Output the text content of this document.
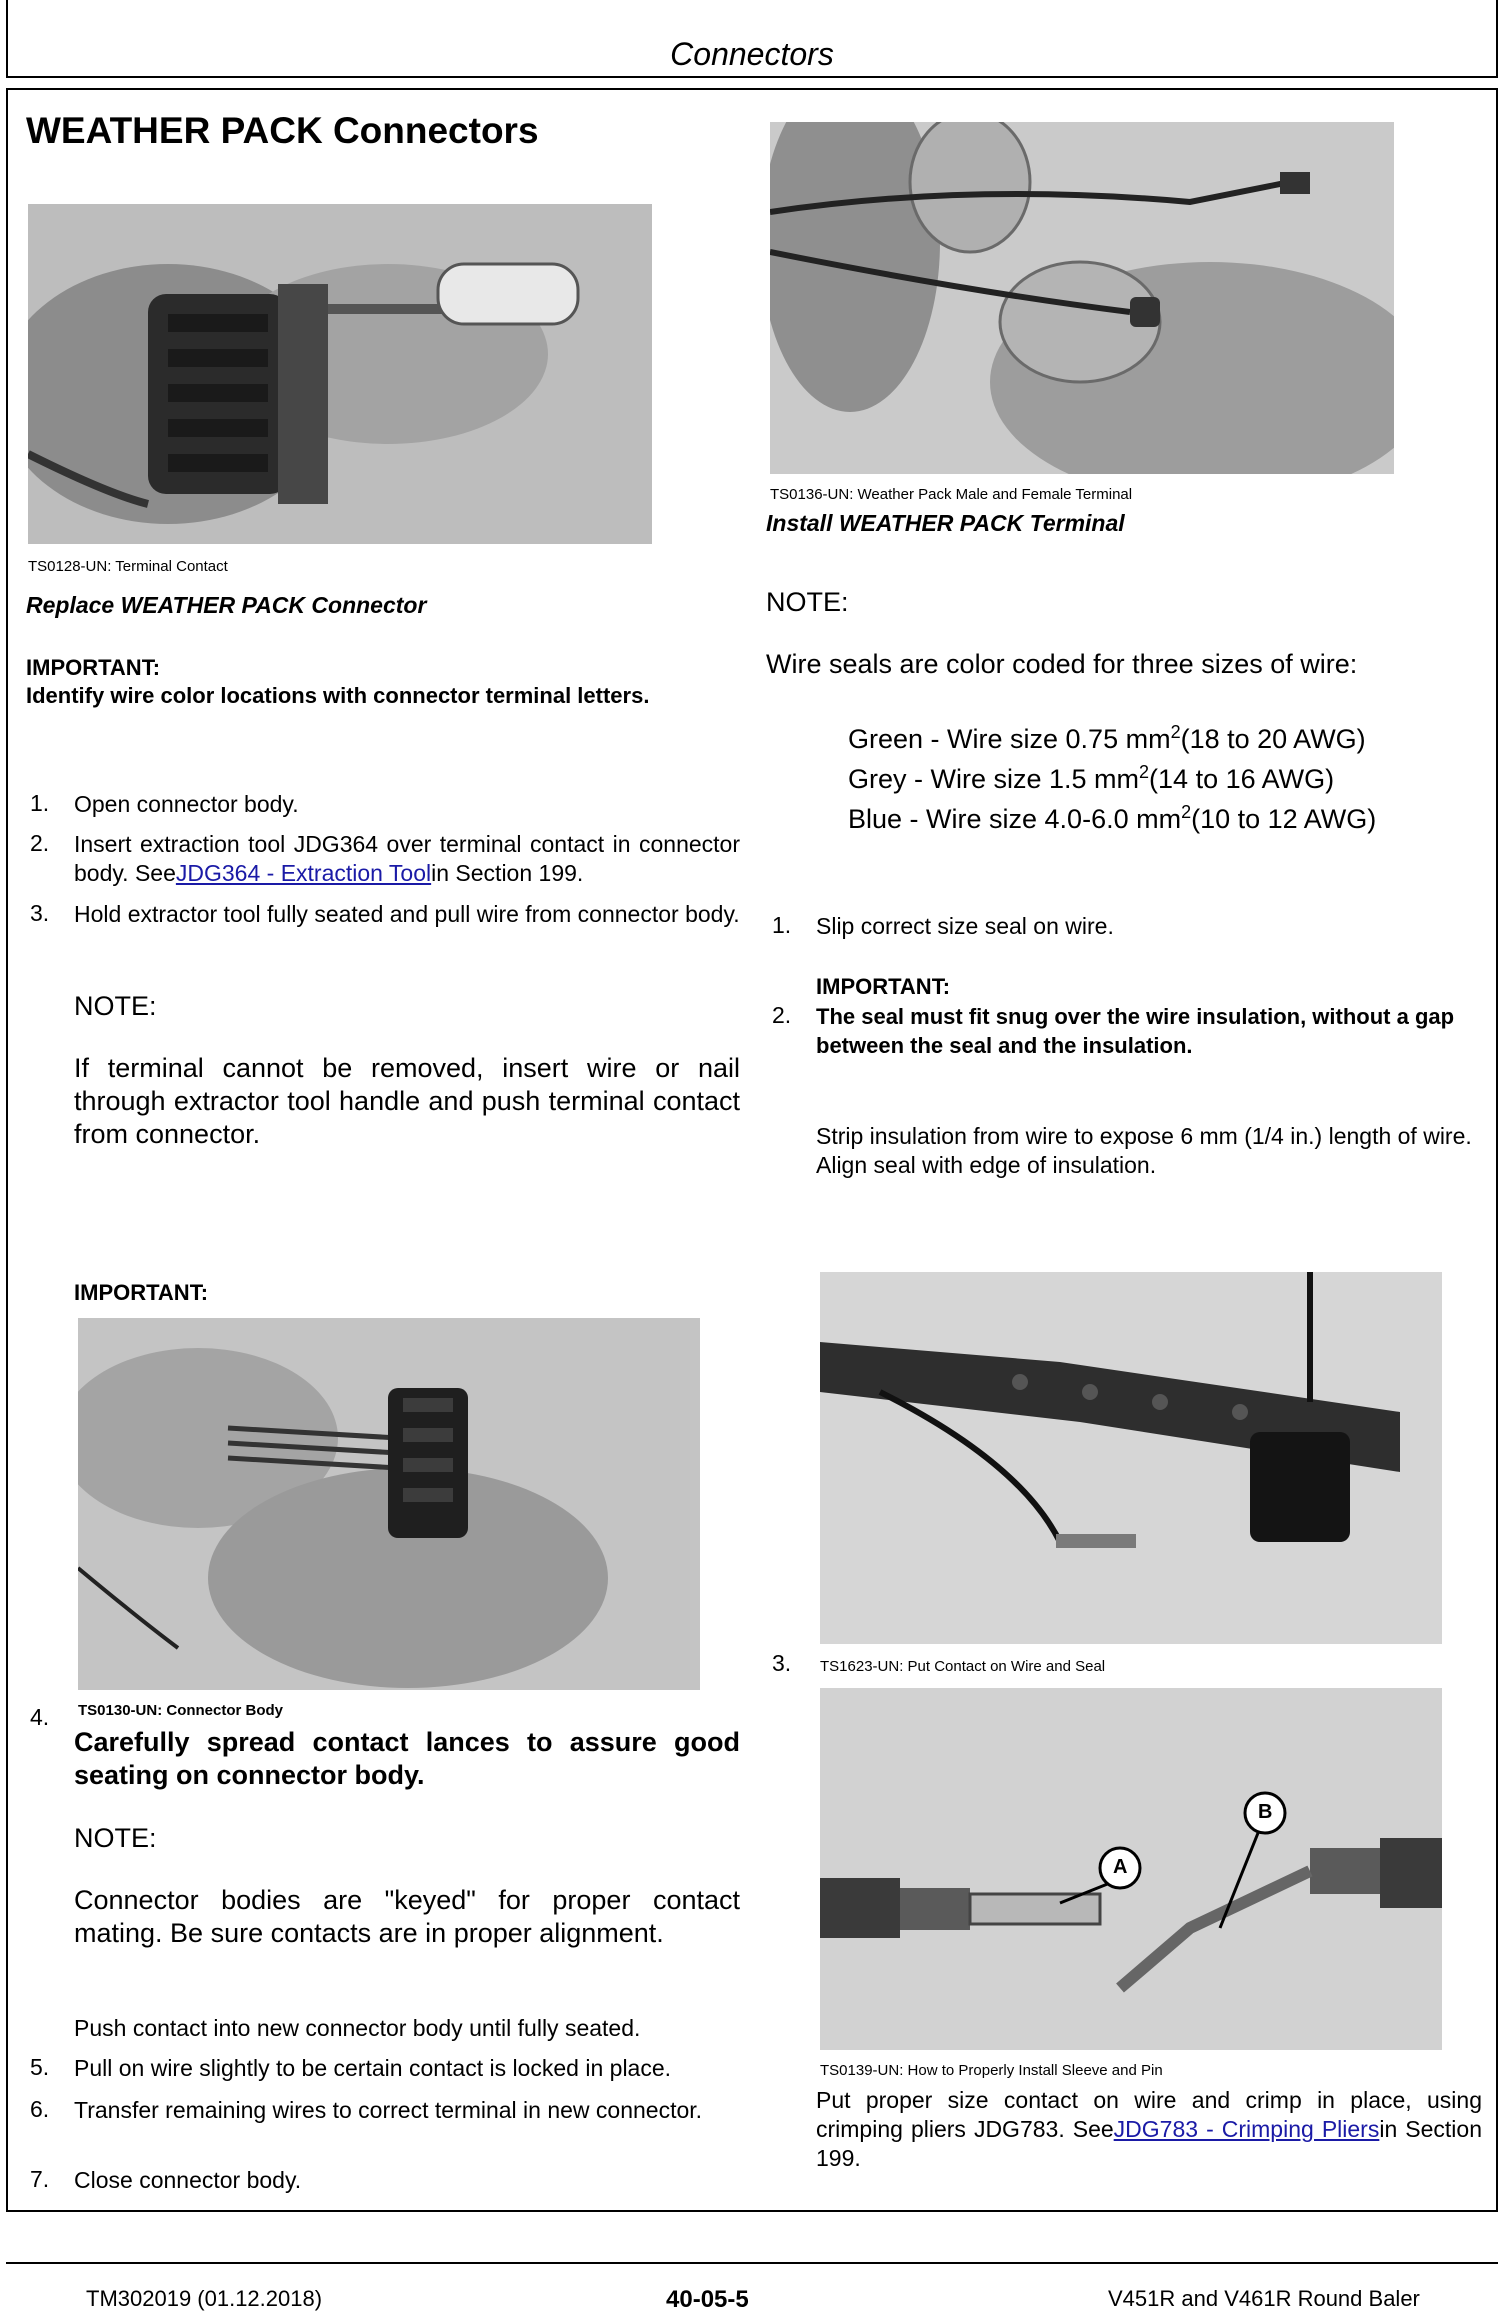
Connectors
WEATHER PACK Connectors
TS0128-UN: Terminal Contact
Replace WEATHER PACK Connector
IMPORTANT:
Identify wire color locations with connector terminal letters.
1. Open connector body.
2. Insert extraction tool JDG364 over terminal contact in connector body. SeeJDG364 - Extraction Toolin Section 199.
3. Hold extractor tool fully seated and pull wire from connector body.
NOTE:
If terminal cannot be removed, insert wire or nail through extractor tool handle and push terminal contact from connector.
TS0136-UN: Weather Pack Male and Female Terminal
Install WEATHER PACK Terminal
NOTE:
Wire seals are color coded for three sizes of wire:
Green - Wire size 0.75 $mm^2(18$ to 20 AWG)
Grey - Wire size 1.5 $mm^2(14$ to 16 AWG)
Blue - Wire size 4.0-6.0 $mm^2(10$ to 12 AWG)
1. Slip correct size seal on wire.
IMPORTANT:
2. The seal must fit snug over the wire insulation, without a gap between the seal and the insulation.
Strip insulation from wire to expose 6 mm (1/4 in.) length of wire. Align seal with edge of insulation.
IMPORTANT:
4. TS0130-UN: Connector Body
Carefully spread contact lances to assure good seating on connector body.
NOTE:
Connector bodies are "keyed" for proper contact mating. Be sure contacts are in proper alignment.
Push contact into new connector body until fully seated.
5. Pull on wire slightly to be certain contact is locked in place.
6. Transfer remaining wires to correct terminal in new connector.
7. Close connector body.
3. TS1623-UN: Put Contact on Wire and Seal
A
B
TS0139-UN: How to Properly Install Sleeve and Pin
Put proper size contact on wire and crimp in place, using crimping pliers JDG783. SeeJDG783 - Crimping Pliersin Section 199.
TM302019 (01.12.2018)	40-05-5	V451R and V461R Round Baler
